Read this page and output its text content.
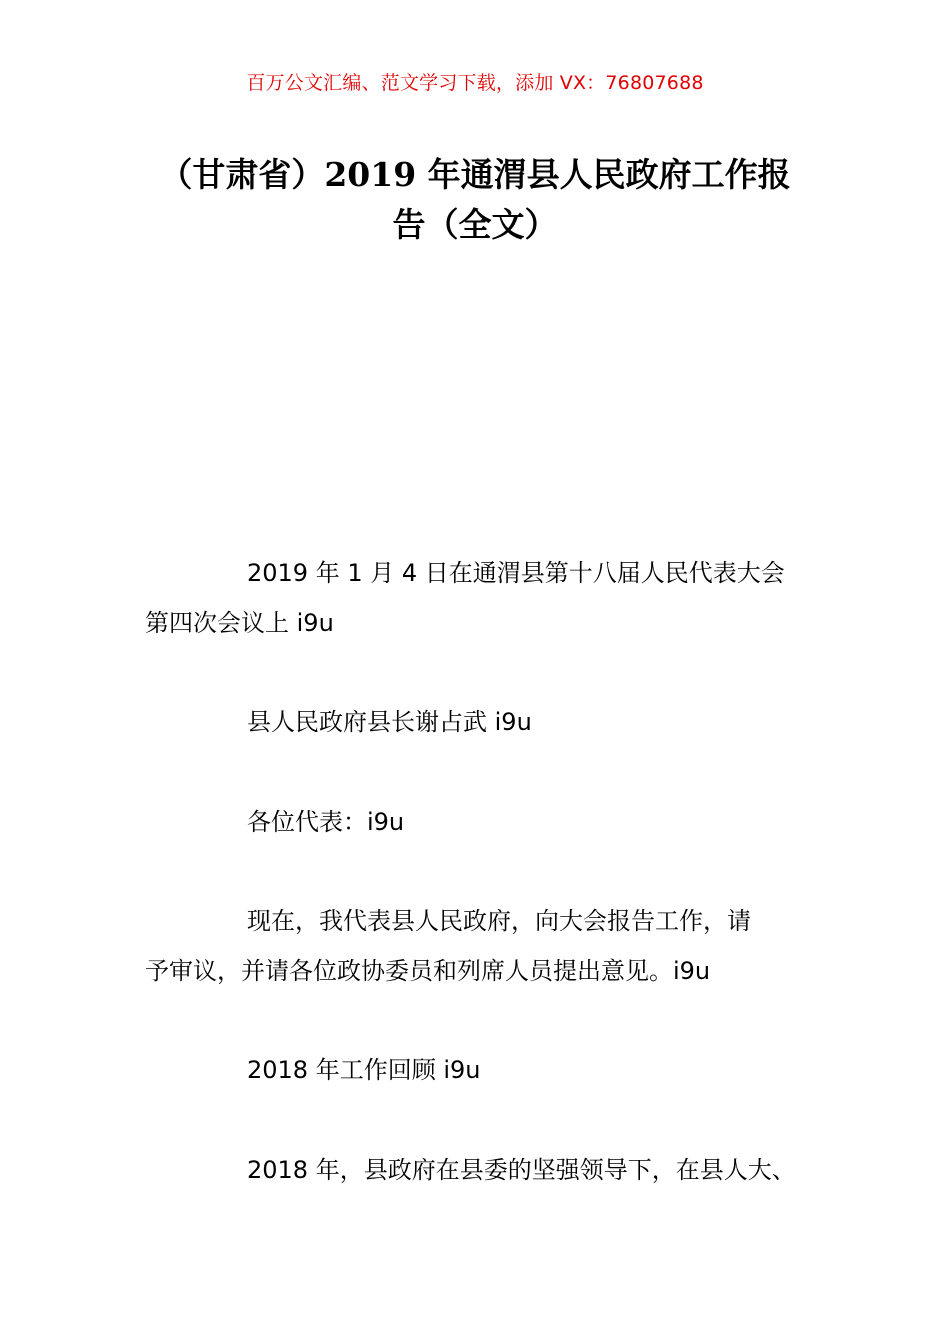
百万公文汇编、范文学习下载，添加 VX：76807688
（甘肃省）2019 年通渭县人民政府工作报
告（全文）
2019 年 1 月 4 日在通渭县第十八届人民代表大会
第四次会议上 i9u
县人民政府县长谢占武 i9u
各位代表：i9u
现在，我代表县人民政府，向大会报告工作，请
予审议，并请各位政协委员和列席人员提出意见。i9u
2018 年工作回顾 i9u
2018 年，县政府在县委的坚强领导下，在县人大、
